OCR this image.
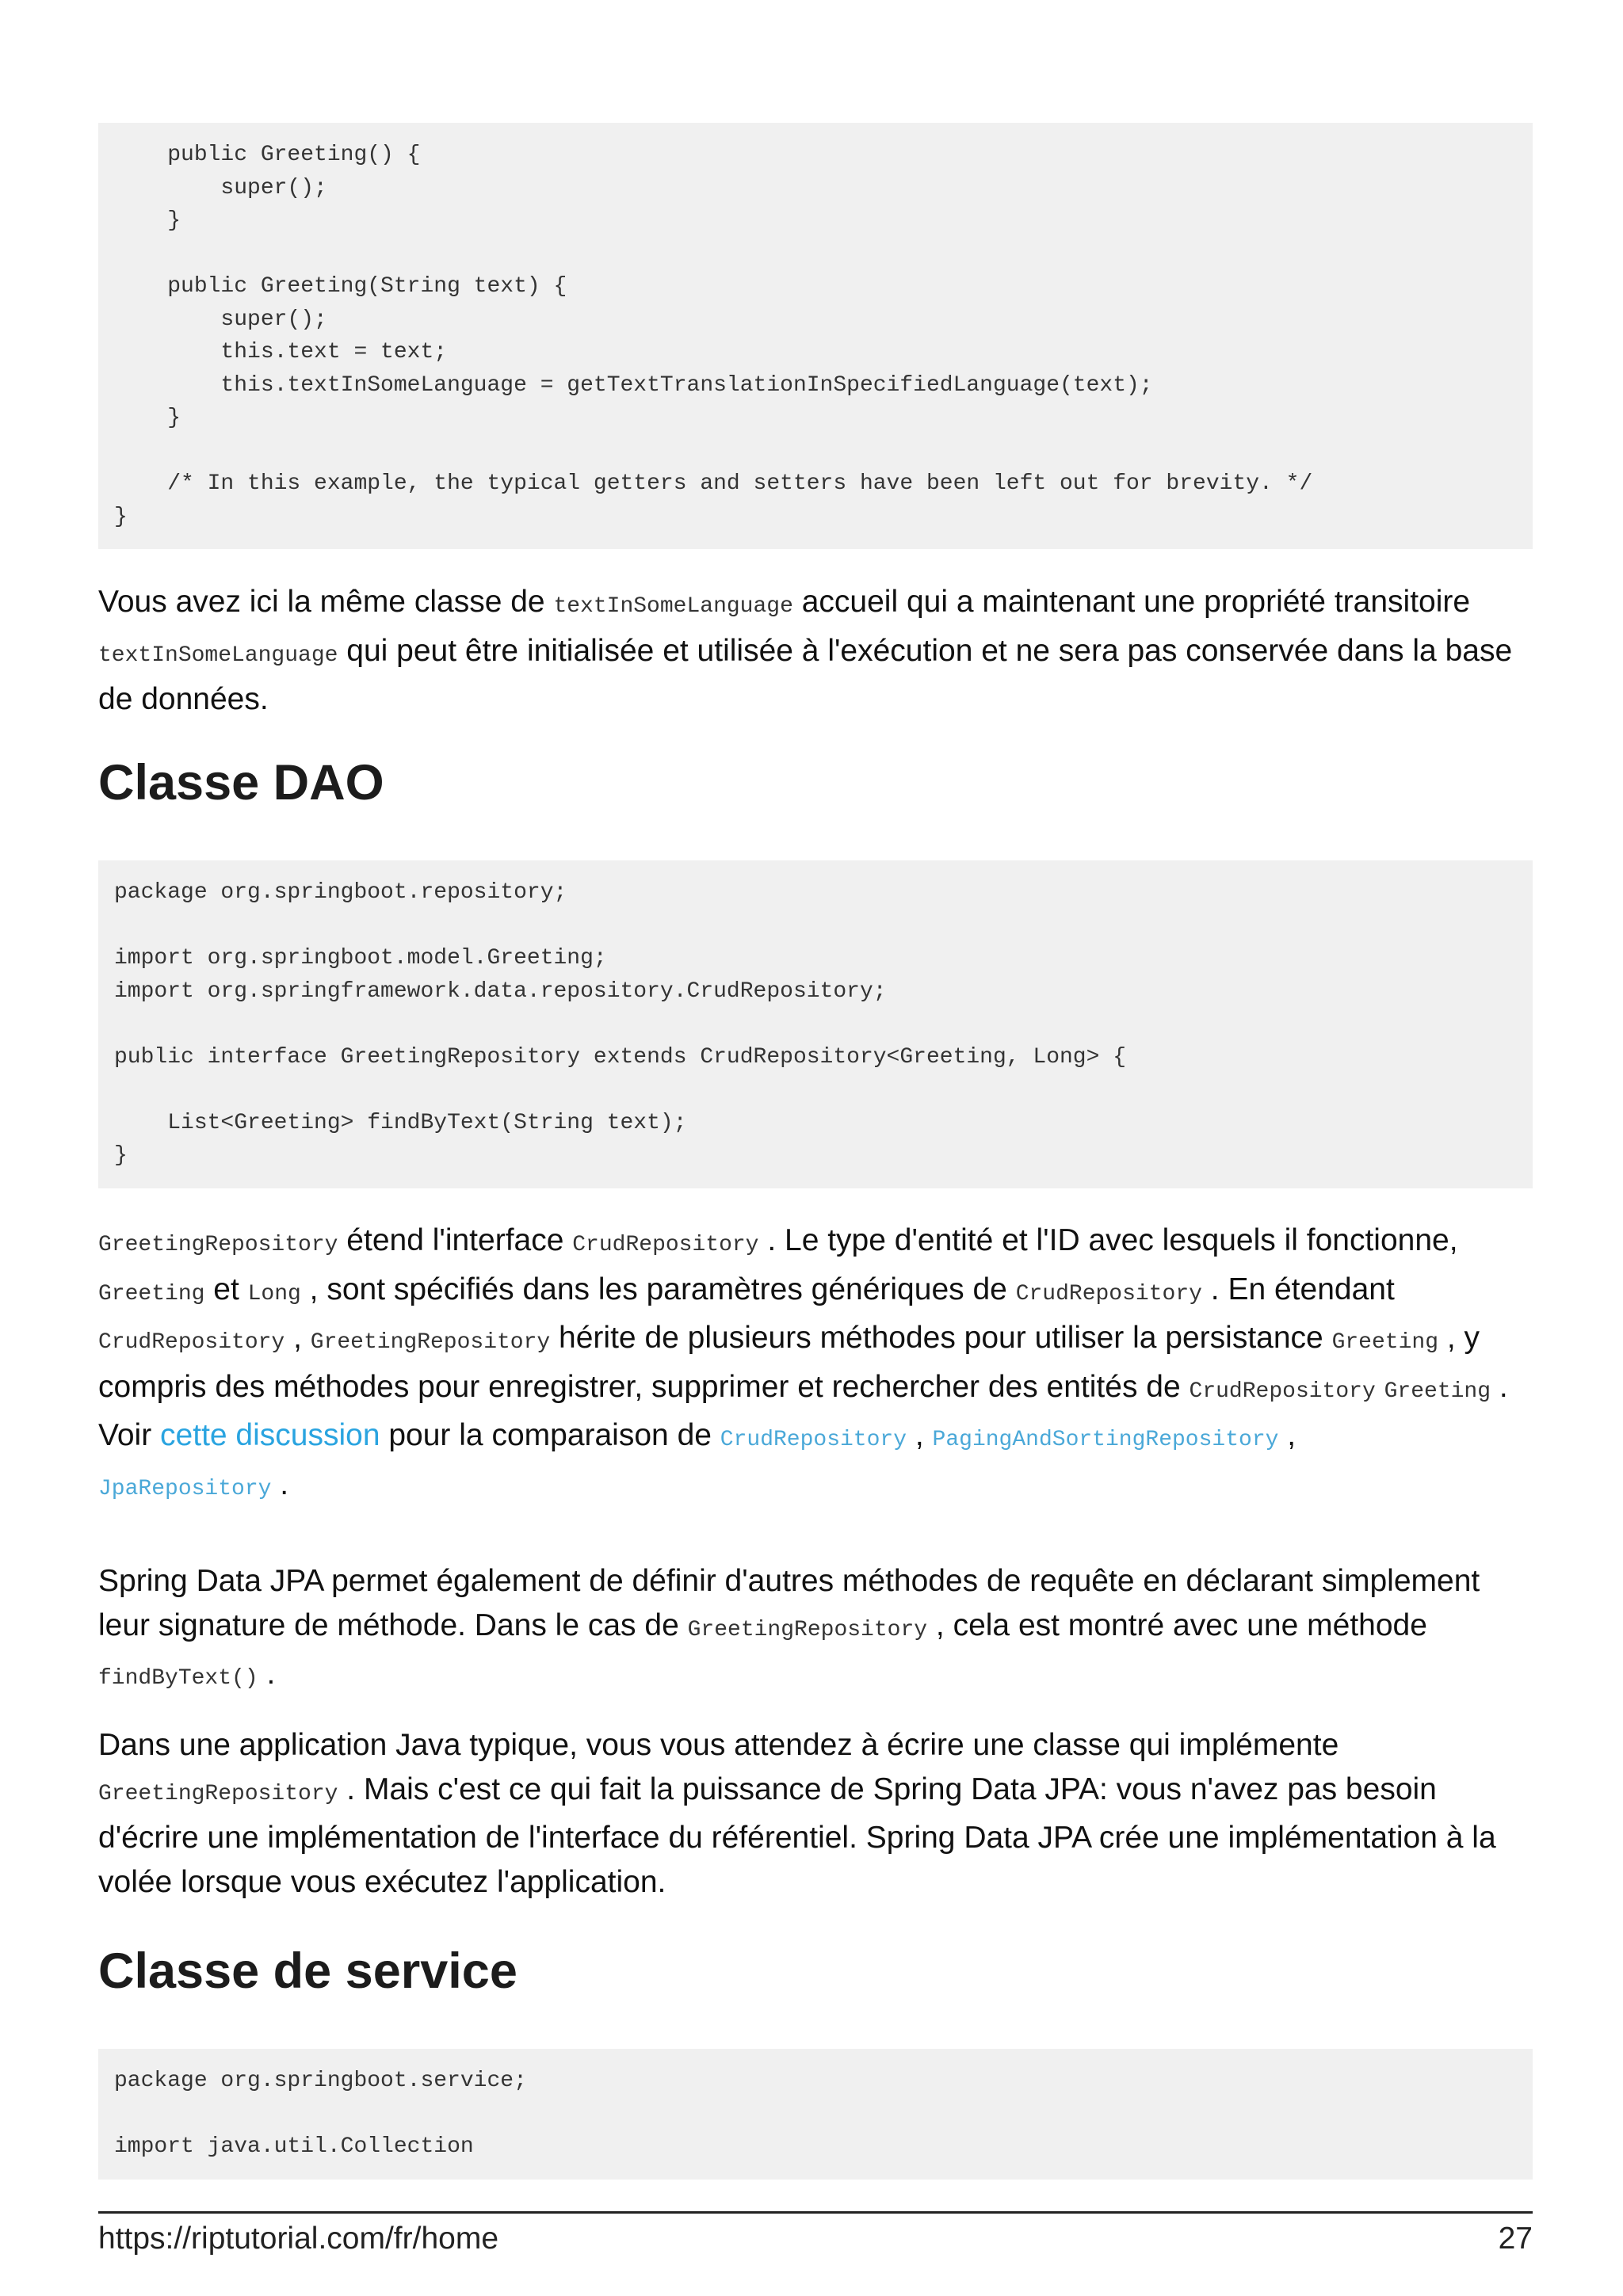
public Greeting() {
super();
}

public Greeting(String text) {
super();
this.text = text;
this.textInSomeLanguage = getTextTranslationInSpecifiedLanguage(text);
}

/* In this example, the typical getters and setters have been left out for brevity. */
}

Vous avez ici la même classe de textInSomeLanguage accueil qui a maintenant une propriété transitoire textInSomeLanguage qui peut être initialisée et utilisée à l'exécution et ne sera pas conservée dans la base de données.

Classe DAO
package org.springboot.repository;

import org.springboot.model.Greeting;
import org.springframework.data.repository.CrudRepository;

public interface GreetingRepository extends CrudRepository<Greeting, Long> {

List<Greeting> findByText(String text);
}

GreetingRepository étend l'interface CrudRepository . Le type d'entité et l'ID avec lesquels il fonctionne, Greeting et Long , sont spécifiés dans les paramètres génériques de CrudRepository . En étendant CrudRepository , GreetingRepository hérite de plusieurs méthodes pour utiliser la persistance Greeting , y compris des méthodes pour enregistrer, supprimer et rechercher des entités de CrudRepository Greeting .
Voir cette discussion pour la comparaison de CrudRepository , PagingAndSortingRepository ,
JpaRepository .

Spring Data JPA permet également de définir d'autres méthodes de requête en déclarant simplement leur signature de méthode. Dans le cas de GreetingRepository , cela est montré avec une méthode findByText() .

Dans une application Java typique, vous vous attendez à écrire une classe qui implémente GreetingRepository . Mais c'est ce qui fait la puissance de Spring Data JPA: vous n'avez pas besoin d'écrire une implémentation de l'interface du référentiel. Spring Data JPA crée une implémentation à la volée lorsque vous exécutez l'application.

Classe de service
package org.springboot.service;

import java.util.Collection
https://riptutorial.com/fr/home	27
